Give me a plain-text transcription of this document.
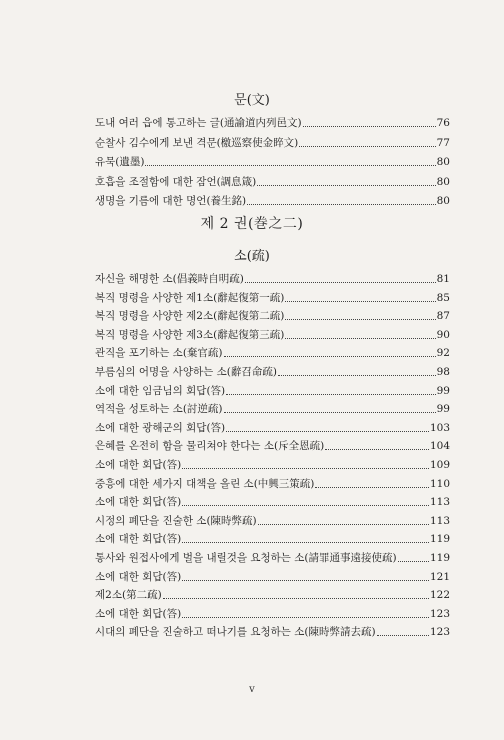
문(文)
도내 여러 읍에 통고하는 글(通諭道内列邑文)	76
순찰사 김수에게 보낸 격문(檄巡察使金睟文)	77
유묵(遺墨)	80
호흡을 조절함에 대한 잠언(調息箴)	80
생명을 기름에 대한 명언(養生銘)	80
제 2 권(巻之二)
소(疏)
자신을 해명한 소(倡義時自明疏)	81
복직 명령을 사양한 제1소(辭起復第一疏)	85
복직 명령을 사양한 제2소(辭起復第二疏)	87
복직 명령을 사양한 제3소(辭起復第三疏)	90
관직을 포기하는 소(棄官疏)	92
부름심의 어명을 사양하는 소(辭召命疏)	98
소에 대한 임금님의 회답(答)	99
역적을 성토하는 소(討逆疏)	99
소에 대한 광해군의 회답(答)	103
은혜를 온전히 함을 물리쳐야 한다는 소(斥全恩疏)	104
소에 대한 회답(答)	109
중흥에 대한 세가지 대책을 올린 소(中興三策疏)	110
소에 대한 회답(答)	113
시정의 폐단을 진술한 소(陳時弊疏)	113
소에 대한 회답(答)	119
통사와 원접사에게 벌을 내릴것을 요청하는 소(請罪通事遠接使疏)	119
소에 대한 회답(答)	121
제2소(第二疏)	122
소에 대한 회답(答)	123
시대의 폐단을 진술하고 떠나기를 요청하는 소(陳時弊請去疏)	123
v
